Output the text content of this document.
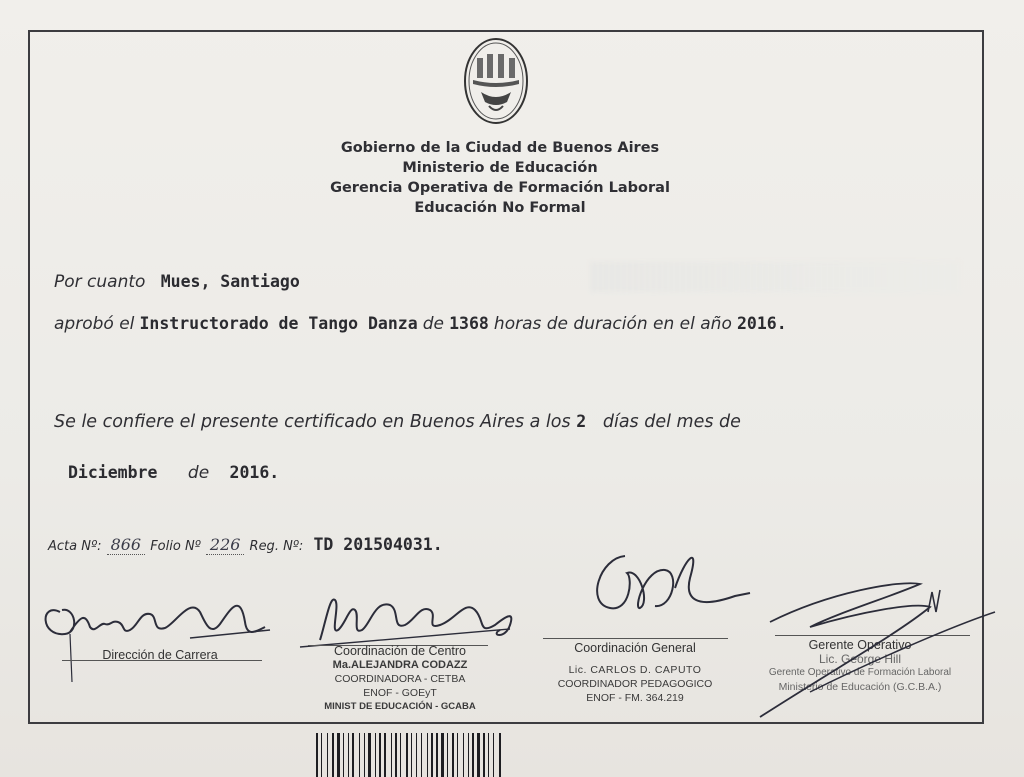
Gobierno de la Ciudad de Buenos Aires
Ministerio de Educación
Gerencia Operativa de Formación Laboral
Educación No Formal
Por cuanto Mues, Santiago
aprobó el Instructorado de Tango Danza de 1368 horas de duración en el año 2016.
Se le confiere el presente certificado en Buenos Aires a los 2 días del mes de
Diciembre de 2016.
Acta Nº: 866 Folio Nº 226 Reg. Nº: TD 201504031.
Dirección de Carrera	Coordinación de Centro
Ma.ALEJANDRA CODAZZ
COORDINADORA - CETBA
ENOF - GOEyT
MINIST DE EDUCACIÓN - GCABA
Coordinación General
Lic. CARLOS D. CAPUTO
COORDINADOR PEDAGOGICO
ENOF - FM. 364.219
Gerente Operativo
Lic. George Hill
Gerente Operativo de Formación Laboral
Ministerio de Educación (G.C.B.A.)
